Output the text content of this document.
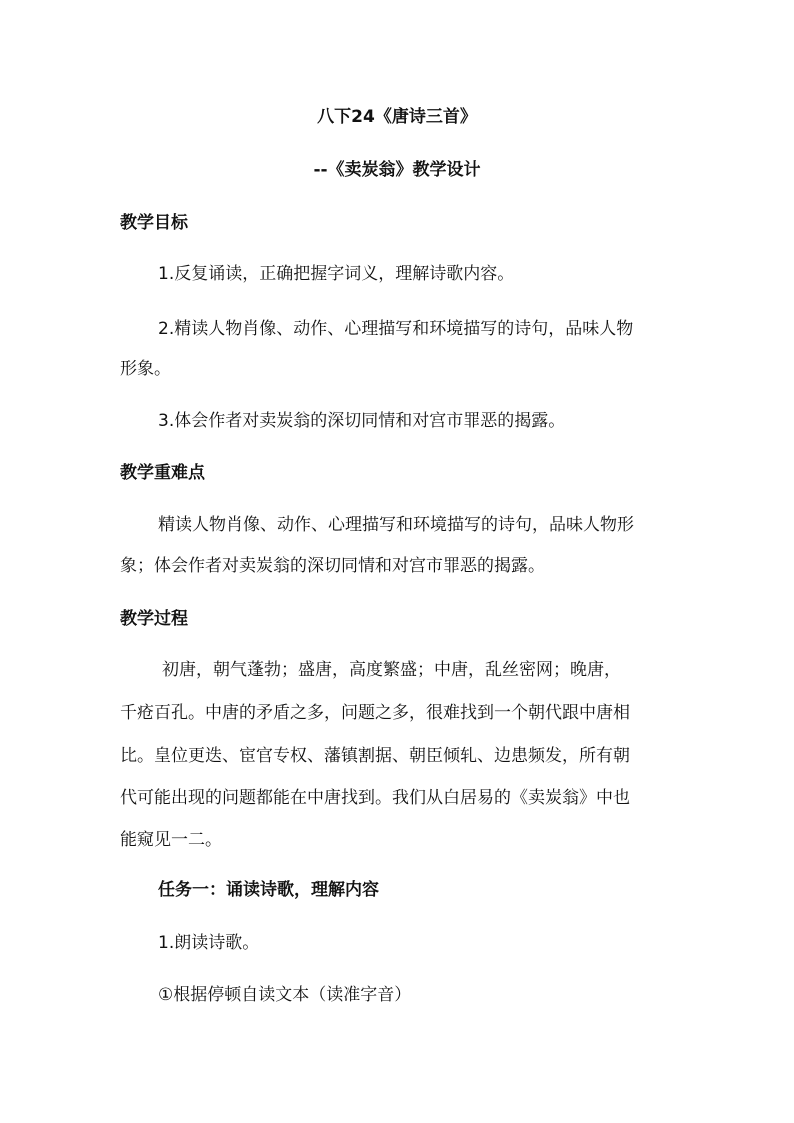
八下24《唐诗三首》
--《卖炭翁》教学设计
教学目标
1.反复诵读，正确把握字词义，理解诗歌内容。
2.精读人物肖像、动作、心理描写和环境描写的诗句，品味人物
形象。
3.体会作者对卖炭翁的深切同情和对宫市罪恶的揭露。
教学重难点
精读人物肖像、动作、心理描写和环境描写的诗句，品味人物形
象；体会作者对卖炭翁的深切同情和对宫市罪恶的揭露。
教学过程
初唐，朝气蓬勃；盛唐，高度繁盛；中唐，乱丝密网；晚唐，
千疮百孔。中唐的矛盾之多，问题之多，很难找到一个朝代跟中唐相
比。皇位更迭、宦官专权、藩镇割据、朝臣倾轧、边患频发，所有朝
代可能出现的问题都能在中唐找到。我们从白居易的《卖炭翁》中也
能窥见一二。
任务一：诵读诗歌，理解内容
1.朗读诗歌。
①根据停顿自读文本（读准字音）
